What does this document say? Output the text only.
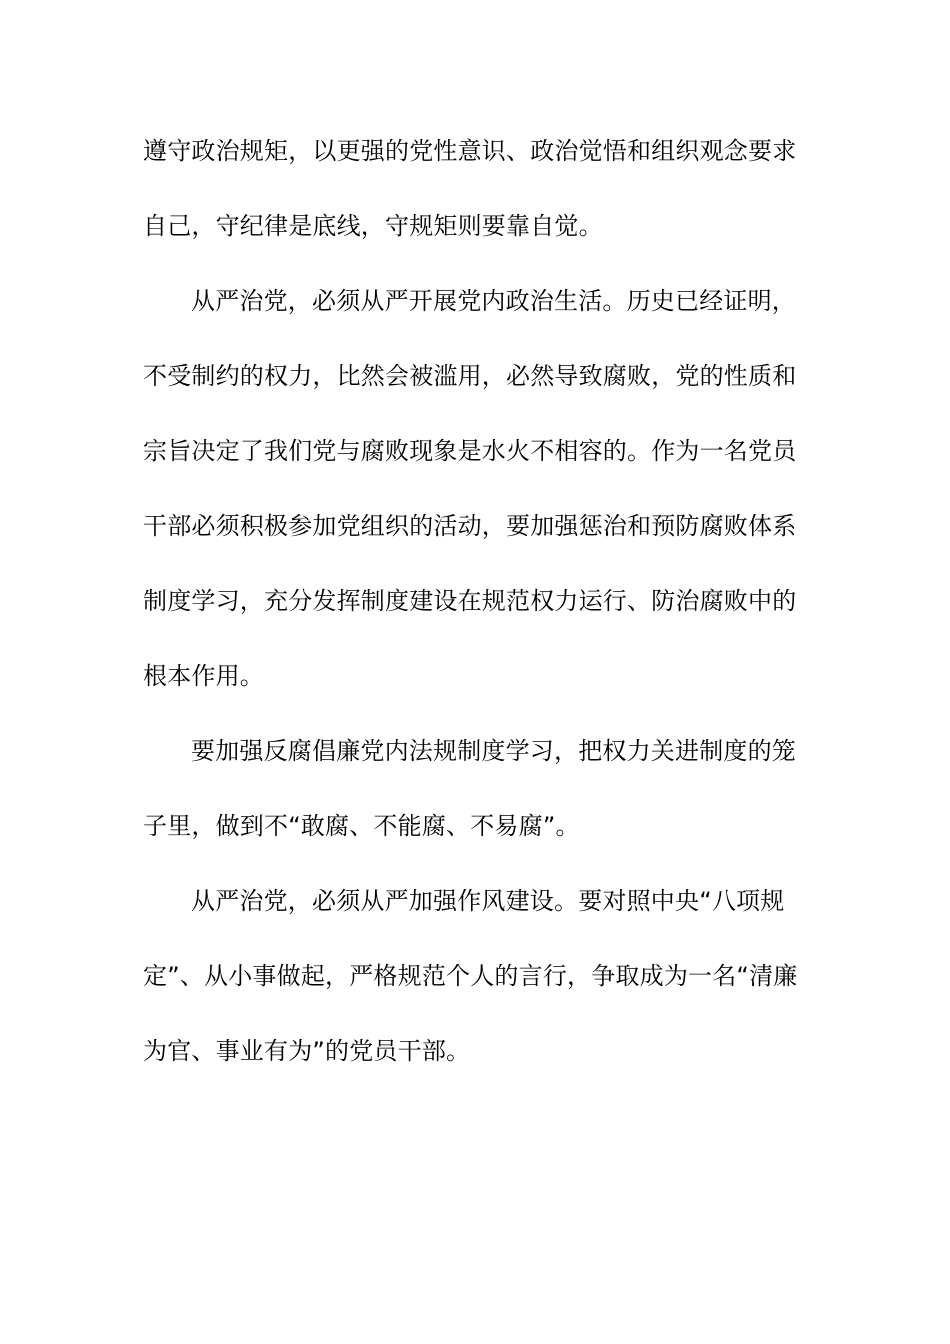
遵守政治规矩，以更强的党性意识、政治觉悟和组织观念要求
自己，守纪律是底线，守规矩则要靠自觉。
从严治党，必须从严开展党内政治生活。历史已经证明，
不受制约的权力，比然会被滥用，必然导致腐败，党的性质和
宗旨决定了我们党与腐败现象是水火不相容的。作为一名党员
干部必须积极参加党组织的活动，要加强惩治和预防腐败体系
制度学习，充分发挥制度建设在规范权力运行、防治腐败中的
根本作用。
要加强反腐倡廉党内法规制度学习，把权力关进制度的笼
子里，做到不“敢腐、不能腐、不易腐”。
从严治党，必须从严加强作风建设。要对照中央“八项规
定”、从小事做起，严格规范个人的言行，争取成为一名“清廉
为官、事业有为”的党员干部。
